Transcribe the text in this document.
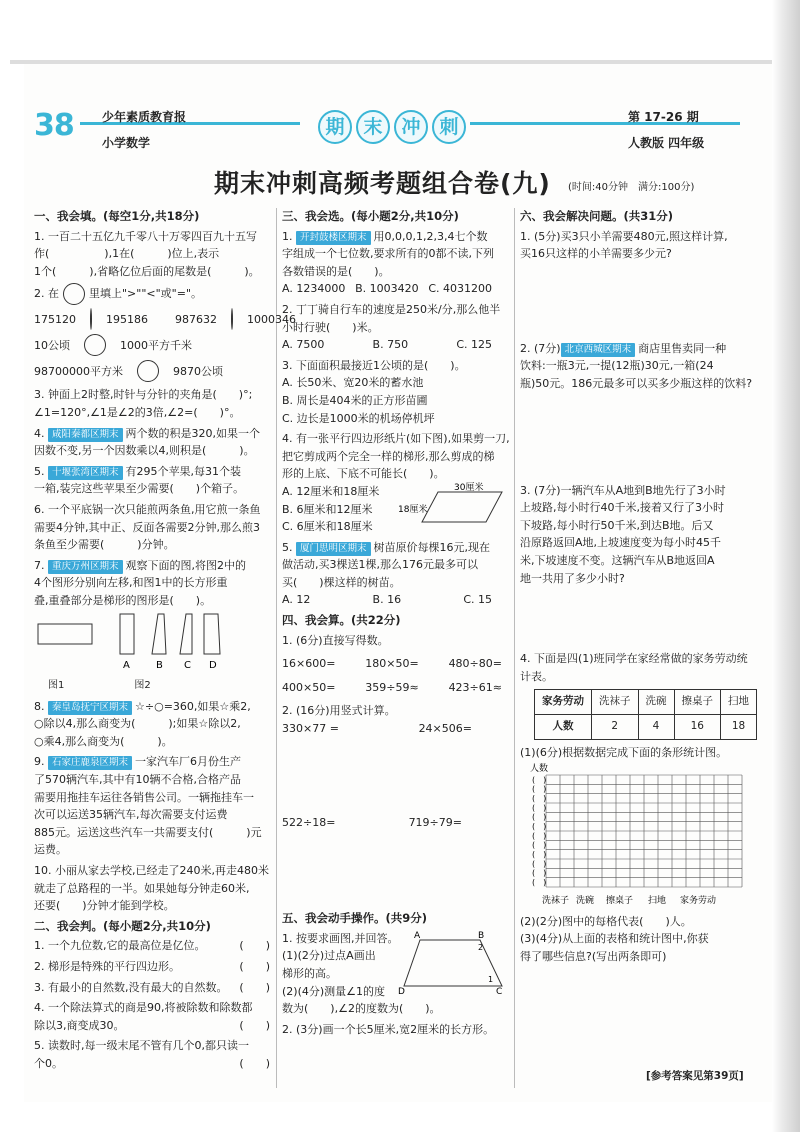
38 少年素质教育报
小学数学
期 末 冲 刺	第 17-26 期
人教版 四年级
期末冲刺高频考题组合卷(九) (时间:40分钟　满分:100分)
一、我会填。(每空1分,共18分)
1. 一百二十五亿九千零八十万零四百九十五写
作(　　　　　),1在(　　　)位上,表示
1个(　　　),省略亿位后面的尾数是(　　　)。
2. 在	里填上">""<"或"="。
175120	195186
987632	1000346
10公顷	1000平方千米
98700000平方米	9870公顷
3. 钟面上2时整,时针与分针的夹角是(　　)°;
∠1=120°,∠1是∠2的3倍,∠2=(　　)°。
4. 咸阳秦都区期末 两个数的积是320,如果一个
因数不变,另一个因数乘以4,则积是(　　　)。
5. 十堰张湾区期末 有295个苹果,每31个装
一箱,装完这些苹果至少需要(　　)个箱子。
6. 一个平底锅一次只能煎两条鱼,用它煎一条鱼
需要4分钟,其中正、反面各需要2分钟,那么煎3
条鱼至少需要(　　　)分钟。
7. 重庆万州区期末 观察下面的图,将图2中的
4个图形分别向左移,和图1中的长方形重
叠,重叠部分是梯形的图形是(　　)。
A	B C D
图1	图2
8. 秦皇岛抚宁区期末 ☆÷○=360,如果☆乘2,
○除以4,那么商变为(　　　);如果☆除以2,
○乘4,那么商变为(　　　)。
9. 石家庄鹿泉区期末 一家汽车厂6月份生产
了570辆汽车,其中有10辆不合格,合格产品
需要用拖挂车运往各销售公司。一辆拖挂车一
次可以运送35辆汽车,每次需要支付运费
885元。运送这些汽车一共需要支付(　　　)元运费。
10. 小丽从家去学校,已经走了240米,再走480米
就走了总路程的一半。如果她每分钟走60米,
还要(　　)分钟才能到学校。
二、我会判。(每小题2分,共10分)
1. 一个九位数,它的最高位是亿位。	(　　)
2. 梯形是特殊的平行四边形。	(　　)
3. 有最小的自然数,没有最大的自然数。 (　　)
4. 一个除法算式的商是90,将被除数和除数都
除以3,商变成30。	(　　)
5. 读数时,每一级末尾不管有几个0,都只读一
个0。	(　　)
三、我会选。(每小题2分,共10分)
1. 开封鼓楼区期末 用0,0,0,1,2,3,4七个数
字组成一个七位数,要求所有的0都不读,下列
各数错误的是(　　)。
A. 1234000 B. 1003420 C. 4031200
2. 丁丁骑自行车的速度是250米/分,那么他半
小时行驶(　　)米。
A. 7500	B. 750	C. 125
3. 下面面积最接近1公顷的是(　　)。
A. 长50米、宽20米的蓄水池
B. 周长是404米的正方形苗圃
C. 边长是1000米的机场停机坪
4. 有一张平行四边形纸片(如下图),如果剪一刀,
把它剪成两个完全一样的梯形,那么剪成的梯
形的上底、下底不可能长(　　)。
A. 12厘米和18厘米
B. 6厘米和12厘米
C. 6厘米和18厘米
30厘米
18厘米
5. 厦门思明区期末 树苗原价每棵16元,现在
做活动,买3棵送1棵,那么176元最多可以
买(　　)棵这样的树苗。
A. 12	B. 16	C. 15
四、我会算。(共22分)
1. (6分)直接写得数。
16×600=	180×50=	480÷80=
400×50=	359÷59≈	423÷61≈
2. (16分)用竖式计算。
330×77 =	24×506=
522÷18=	719÷79=
五、我会动手操作。(共9分)
1. 按要求画图,并回答。
(1)(2分)过点A画出
梯形的高。
(2)(4分)测量∠1的度
数为(　　),∠2的度数为(　　)。
A	B
C
D
1
2
2. (3分)画一个长5厘米,宽2厘米的长方形。
六、我会解决问题。(共31分)
1. (5分)买3只小羊需要480元,照这样计算,
买16只这样的小羊需要多少元?
2. (7分) 北京西城区期末 商店里售卖同一种
饮料:一瓶3元,一提(12瓶)30元,一箱(24
瓶)50元。186元最多可以买多少瓶这样的饮料?
3. (7分)一辆汽车从A地到B地先行了3小时
上坡路,每小时行40千米,接着又行了3小时
下坡路,每小时行50千米,到达B地。后又
沿原路返回A地,上坡速度变为每小时45千
米,下坡速度不变。这辆汽车从B地返回A
地一共用了多少小时?
4. 下面是四(1)班同学在家经常做的家务劳动统
计表。
家务劳动	洗袜子	洗碗	擦桌子	扫地
人数	2	4	16	18
(1)(6分)根据数据完成下面的条形统计图。
人数
(　)
(　)
(　)
(　)
(　)
(　)
(　)
(　)
(　)
(　)
(　)
(　)
洗袜子 洗碗 擦桌子 扫地 家务劳动
(2)(2分)图中的每格代表(　　)人。
(3)(4分)从上面的表格和统计图中,你获
得了哪些信息?(写出两条即可)
[参考答案见第39页]
